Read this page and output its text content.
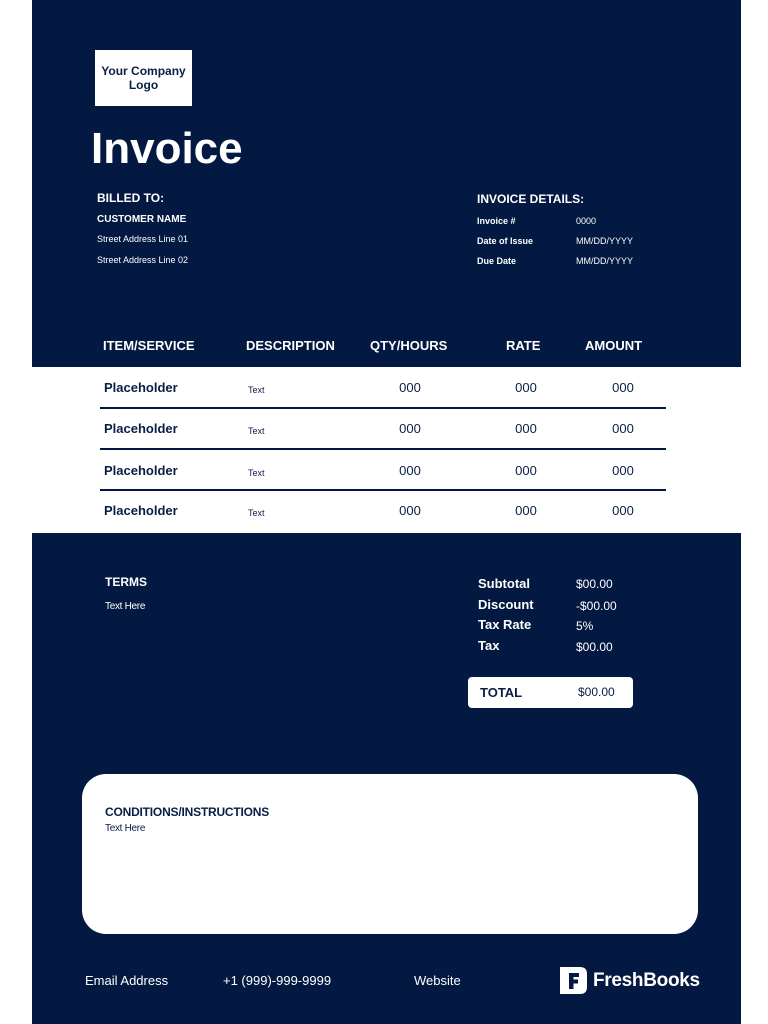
Your Company Logo
Invoice
BILLED TO:
CUSTOMER NAME
Street Address Line 01
Street Address Line 02
INVOICE DETAILS:
Invoice #	0000
Date of Issue	MM/DD/YYYY
Due Date	MM/DD/YYYY
ITEM/SERVICE	DESCRIPTION	QTY/HOURS	RATE	AMOUNT
Placeholder	Text	000	000	000
Placeholder	Text	000	000	000
Placeholder	Text	000	000	000
Placeholder	Text	000	000	000
TERMS
Text Here
Subtotal	$00.00
Discount	-$00.00
Tax Rate	5%
Tax	$00.00
TOTAL	$00.00
CONDITIONS/INSTRUCTIONS
Text Here
Email Address	+1 (999)-999-9999	Website	FreshBooks
